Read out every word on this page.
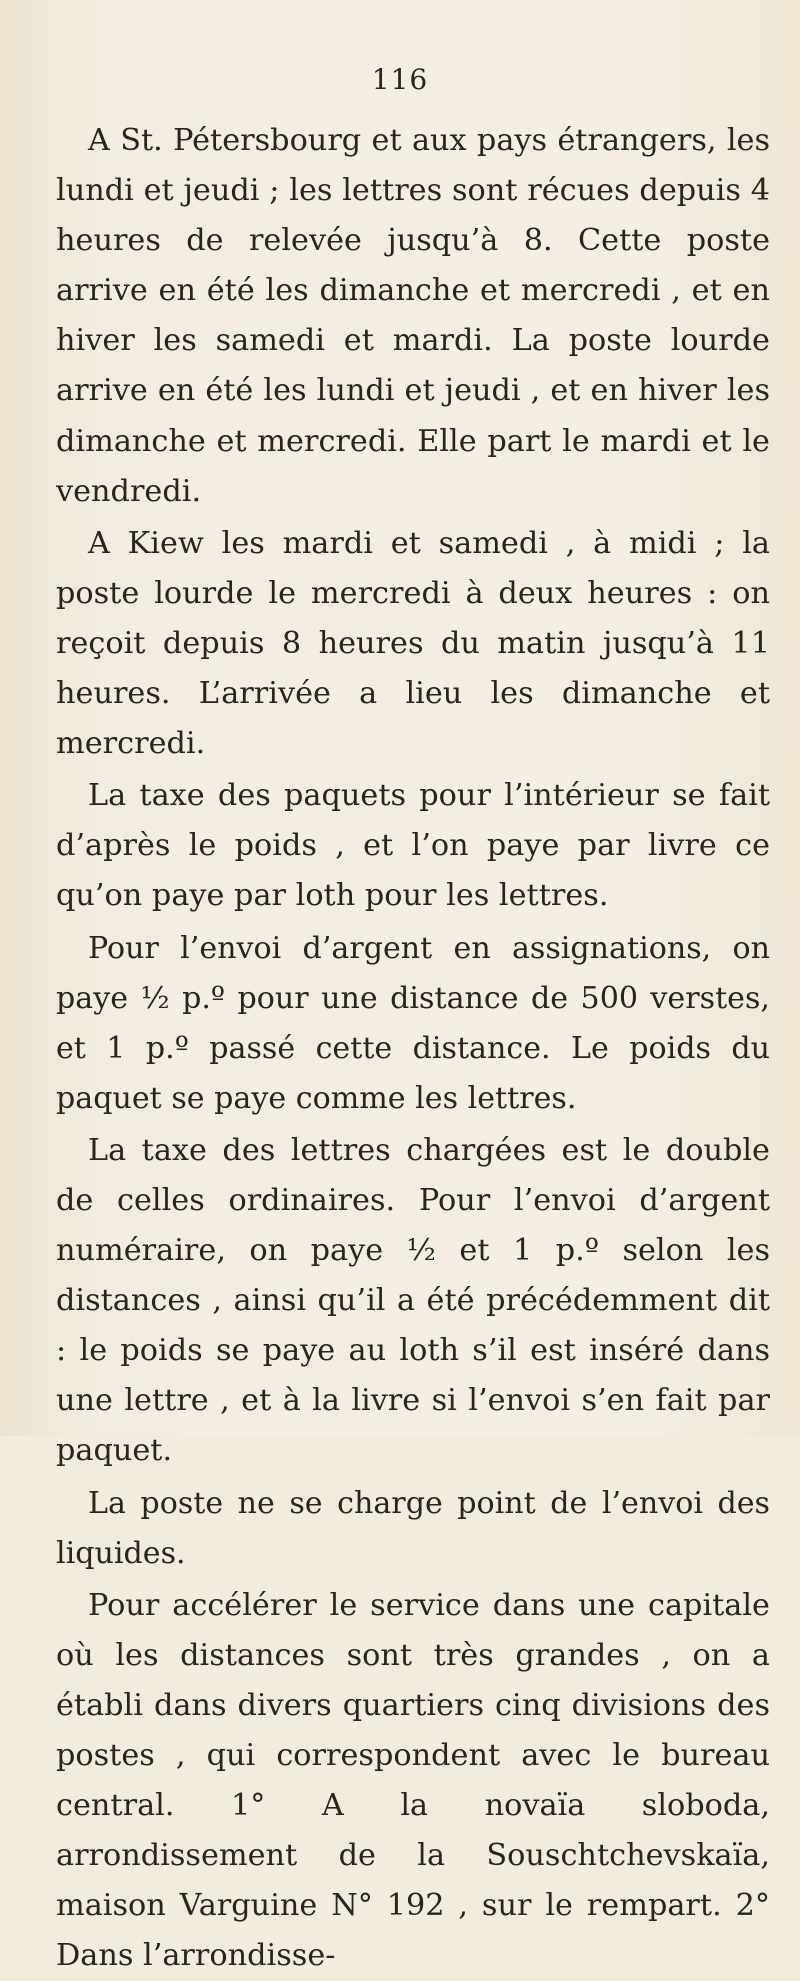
116

A St. Pétersbourg et aux pays étrangers, les lundi et jeudi ; les lettres sont récues depuis 4 heures de relevée jusqu’à 8. Cette poste arrive en été les dimanche et mercredi , et en hiver les samedi et mardi. La poste lourde arrive en été les lundi et jeudi , et en hiver les dimanche et mercredi. Elle part le mardi et le vendredi.

A Kiew les mardi et samedi , à midi ; la poste lourde le mercredi à deux heures : on reçoit depuis 8 heures du matin jusqu’à 11 heures. L’arrivée a lieu les dimanche et mercredi.

La taxe des paquets pour l’intérieur se fait d’après le poids , et l’on paye par livre ce qu’on paye par loth pour les lettres.

Pour l’envoi d’argent en assignations, on paye ½ p.º pour une distance de 500 verstes, et 1 p.º passé cette distance. Le poids du paquet se paye comme les lettres.

La taxe des lettres chargées est le double de celles ordinaires. Pour l’envoi d’argent numéraire, on paye ½ et 1 p.º selon les distances , ainsi qu’il a été précédemment dit : le poids se paye au loth s’il est inséré dans une lettre , et à la livre si l’envoi s’en fait par paquet.

La poste ne se charge point de l’envoi des liquides.

Pour accélérer le service dans une capitale où les distances sont très grandes , on a établi dans divers quartiers cinq divisions des postes , qui correspondent avec le bureau central. 1° A la novaïa sloboda, arrondissement de la Souschtchevskaïa, maison Varguine N° 192 , sur le rempart. 2° Dans l’arrondisse-
